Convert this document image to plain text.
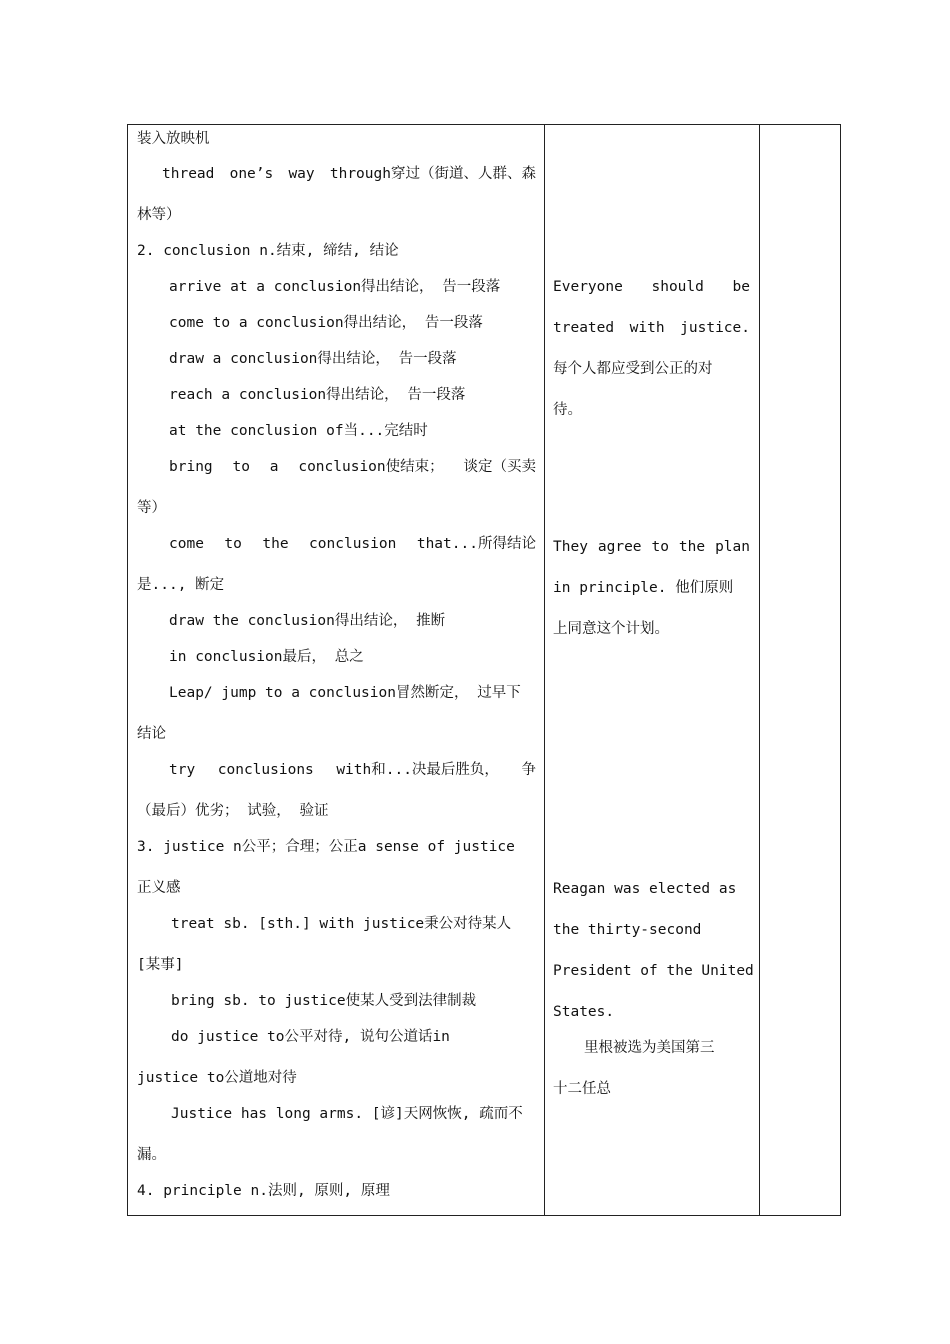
装入放映机
thread one’s way through穿过（街道、人群、森
林等）
2. conclusion n.结束, 缔结, 结论
arrive at a conclusion得出结论， 告一段落
come to a conclusion得出结论， 告一段落
draw a conclusion得出结论， 告一段落
reach a conclusion得出结论， 告一段落
at the conclusion of当...完结时
bring to a conclusion使结束； 谈定（买卖
等）
come to the conclusion that...所得结论
是..., 断定
draw the conclusion得出结论， 推断
in conclusion最后， 总之
Leap/ jump to a conclusion冒然断定， 过早下
结论
try conclusions with和...决最后胜负， 争
（最后）优劣； 试验， 验证
3. justice n公平；合理；公正a sense of justice
正义感
treat sb. [sth.] with justice秉公对待某人
[某事]
bring sb. to justice使某人受到法律制裁
do justice to公平对待, 说句公道话in
justice to公道地对待
Justice has long arms. [谚]天网恢恢, 疏而不
漏。
4. principle n.法则, 原则, 原理
Everyone should be
treated with justice.
每个人都应受到公正的对
待。
They agree to the plan
in principle. 他们原则
上同意这个计划。
Reagan was elected as
the thirty-second
President of the United
States.
里根被选为美国第三
十二任总
